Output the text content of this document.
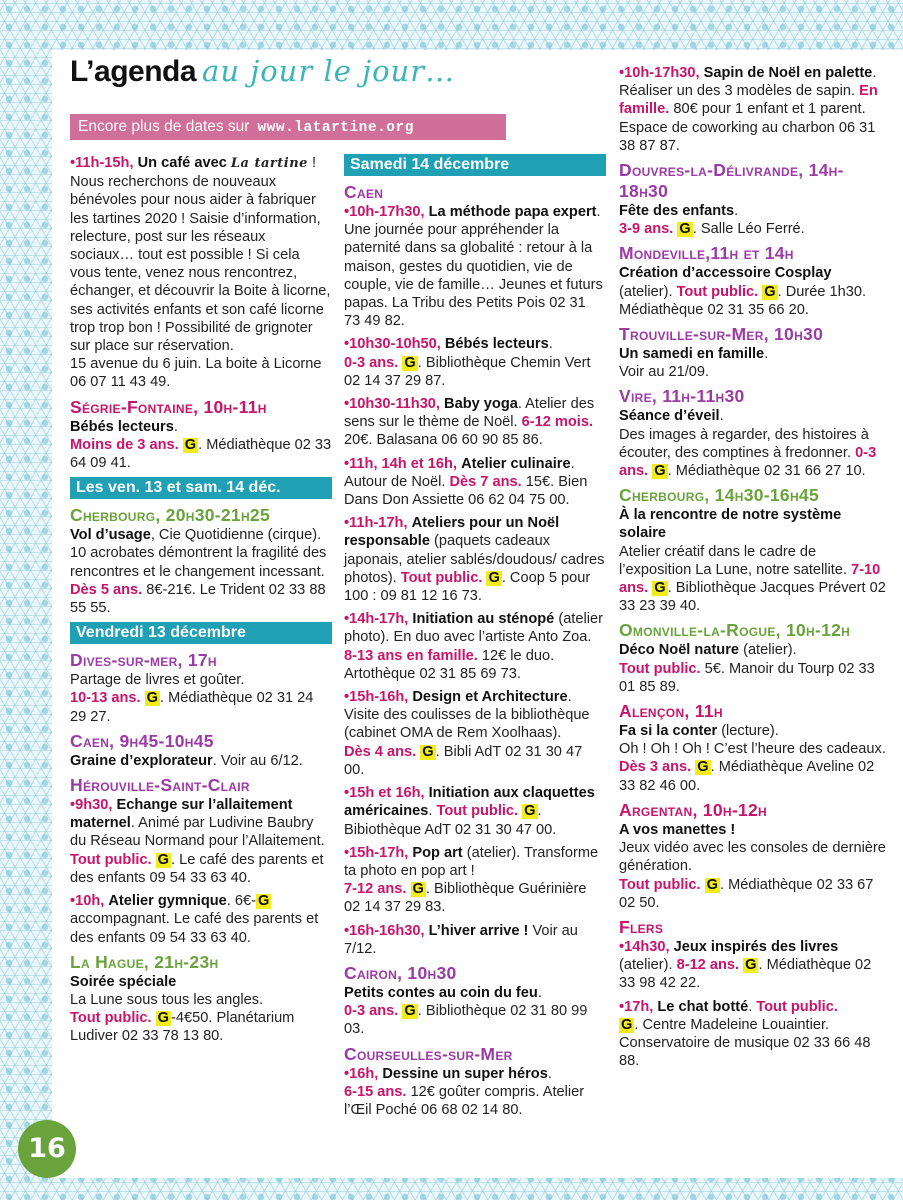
L’agenda au jour le jour…
Encore plus de dates sur www.latartine.org
•11h-15h, Un café avec La tartine ! Nous recherchons de nouveaux bénévoles pour nous aider à fabriquer les tartines 2020 ! Saisie d’information, relecture, post sur les réseaux sociaux… tout est possible ! Si cela vous tente, venez nous rencontrez, échanger, et découvrir la Boite à licorne, ses activités enfants et son café licorne trop trop bon ! Possibilité de grignoter sur place sur réservation.
15 avenue du 6 juin. La boite à Licorne 06 07 11 43 49.
Ségrie-Fontaine, 10h-11h
Bébés lecteurs.
Moins de 3 ans. G . Médiathèque 02 33 64 09 41.
Les ven. 13 et sam. 14 déc.
Cherbourg, 20h30-21h25
Vol d’usage, Cie Quotidienne (cirque). 10 acrobates démontrent la fragilité des rencontres et le changement incessant.
Dès 5 ans. 8€-21€. Le Trident 02 33 88 55 55.
Vendredi 13 décembre
Dives-sur-mer, 17h
Partage de livres et goûter.
10-13 ans. G . Médiathèque 02 31 24 29 27.
Caen, 9h45-10h45
Graine d’explorateur. Voir au 6/12.
Hérouville-Saint-Clair
•9h30, Echange sur l’allaitement maternel. Animé par Ludivine Baubry du Réseau Normand pour l’Allaitement. Tout public. G . Le café des parents et des enfants 09 54 33 63 40.
•10h, Atelier gymnique. 6€- G accompagnant. Le café des parents et des enfants 09 54 33 63 40.
La Hague, 21h-23h
Soirée spéciale
La Lune sous tous les angles.
Tout public. G -4€50. Planétarium Ludiver 02 33 78 13 80.
Samedi 14 décembre
Caen
•10h-17h30, La méthode papa expert. Une journée pour appréhender la paternité dans sa globalité : retour à la maison, gestes du quotidien, vie de couple, vie de famille… Jeunes et futurs papas. La Tribu des Petits Pois 02 31 73 49 82.
•10h30-10h50, Bébés lecteurs.
0-3 ans. G . Bibliothèque Chemin Vert 02 14 37 29 87.
•10h30-11h30, Baby yoga. Atelier des sens sur le thème de Noël. 6-12 mois. 20€. Balasana 06 60 90 85 86.
•11h, 14h et 16h, Atelier culinaire. Autour de Noël. Dès 7 ans. 15€. Bien Dans Don Assiette 06 62 04 75 00.
•11h-17h, Ateliers pour un Noël responsable (paquets cadeaux japonais, atelier sablés/doudous/ cadres photos). Tout public. G . Coop 5 pour 100 : 09 81 12 16 73.
•14h-17h, Initiation au sténopé (atelier photo). En duo avec l’artiste Anto Zoa. 8-13 ans en famille. 12€ le duo. Artothèque 02 31 85 69 73.
•15h-16h, Design et Architecture. Visite des coulisses de la bibliothèque (cabinet OMA de Rem Xoolhaas).
Dès 4 ans. G . Bibli AdT 02 31 30 47 00.
•15h et 16h, Initiation aux claquettes américaines. Tout public. G . Bibiothèque AdT 02 31 30 47 00.
•15h-17h, Pop art (atelier). Transforme ta photo en pop art !
7-12 ans. G . Bibliothèque Guérinière 02 14 37 29 83.
•16h-16h30, L’hiver arrive ! Voir au 7/12.
Cairon, 10h30
Petits contes au coin du feu.
0-3 ans. G . Bibliothèque 02 31 80 99 03.
Courseulles-sur-Mer
•16h, Dessine un super héros.
6-15 ans. 12€ goûter compris. Atelier l’Œil Poché 06 68 02 14 80.
•10h-17h30, Sapin de Noël en palette. Réaliser un des 3 modèles de sapin. En famille. 80€ pour 1 enfant et 1 parent. Espace de coworking au charbon 06 31 38 87 87.
Douvres-la-Délivrande, 14h-18h30
Fête des enfants.
3-9 ans. G . Salle Léo Ferré.
Mondeville,11h et 14h
Création d’accessoire Cosplay (atelier). Tout public. G . Durée 1h30. Médiathèque 02 31 35 66 20.
Trouville-sur-Mer, 10h30
Un samedi en famille.
Voir au 21/09.
Vire, 11h-11h30
Séance d’éveil.
Des images à regarder, des histoires à écouter, des comptines à fredonner. 0-3 ans. G . Médiathèque 02 31 66 27 10.
Cherbourg, 14h30-16h45
À la rencontre de notre système solaire
Atelier créatif dans le cadre de l’exposition La Lune, notre satellite. 7-10 ans. G . Bibliothèque Jacques Prévert 02 33 23 39 40.
Omonville-la-Rogue, 10h-12h
Déco Noël nature (atelier).
Tout public. 5€. Manoir du Tourp 02 33 01 85 89.
Alençon, 11h
Fa si la conter (lecture).
Oh ! Oh ! Oh ! C’est l’heure des cadeaux.
Dès 3 ans. G . Médiathèque Aveline 02 33 82 46 00.
Argentan, 10h-12h
A vos manettes !
Jeux vidéo avec les consoles de dernière génération.
Tout public. G . Médiathèque 02 33 67 02 50.
Flers
•14h30, Jeux inspirés des livres (atelier). 8-12 ans. G . Médiathèque 02 33 98 42 22.
•17h, Le chat botté. Tout public.
G . Centre Madeleine Louaintier. Conservatoire de musique 02 33 66 48 88.
16
